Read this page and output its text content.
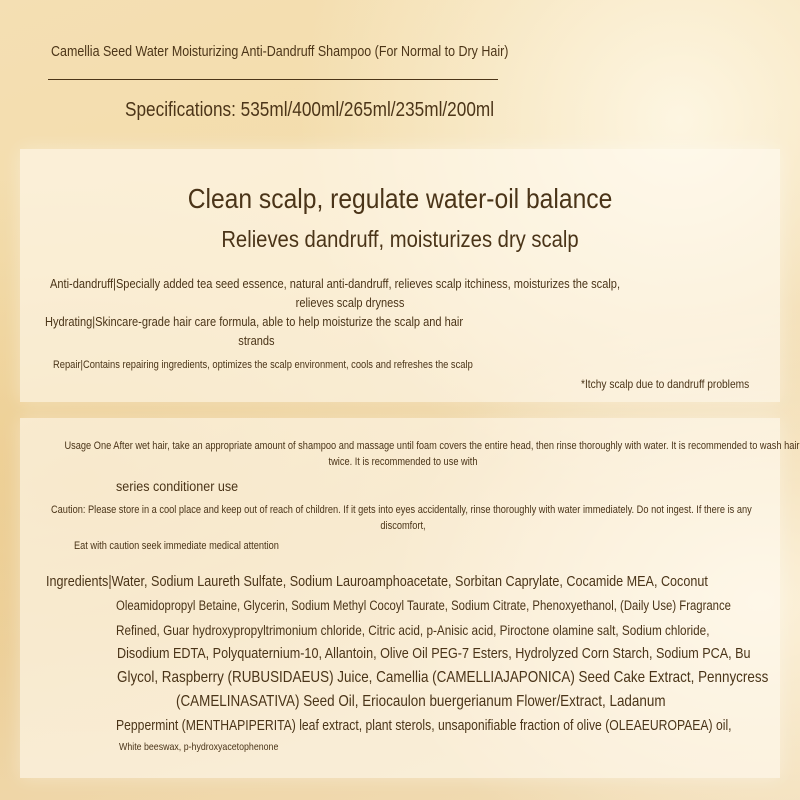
Camellia Seed Water Moisturizing Anti-Dandruff Shampoo (For Normal to Dry Hair)
Specifications: 535ml/400ml/265ml/235ml/200ml
Clean scalp, regulate water-oil balance
Relieves dandruff, moisturizes dry scalp
Anti-dandruff|Specially added tea seed essence, natural anti-dandruff, relieves scalp itchiness, moisturizes the scalp,
relieves scalp dryness
Hydrating|Skincare-grade hair care formula, able to help moisturize the scalp and hair
strands
Repair|Contains repairing ingredients, optimizes the scalp environment, cools and refreshes the scalp
*Itchy scalp due to dandruff problems
Usage One After wet hair, take an appropriate amount of shampoo and massage until foam covers the entire head, then rinse thoroughly with water. It is recommended to wash hair
twice. It is recommended to use with
series conditioner use
Caution: Please store in a cool place and keep out of reach of children. If it gets into eyes accidentally, rinse thoroughly with water immediately. Do not ingest. If there is any
discomfort,
Eat with caution seek immediate medical attention
Ingredients|Water, Sodium Laureth Sulfate, Sodium Lauroamphoacetate, Sorbitan Caprylate, Cocamide MEA, Coconut
Oleamidopropyl Betaine, Glycerin, Sodium Methyl Cocoyl Taurate, Sodium Citrate, Phenoxyethanol, (Daily Use) Fragrance
Refined, Guar hydroxypropyltrimonium chloride, Citric acid, p-Anisic acid, Piroctone olamine salt, Sodium chloride,
Disodium EDTA, Polyquaternium-10, Allantoin, Olive Oil PEG-7 Esters, Hydrolyzed Corn Starch, Sodium PCA, Bu
Glycol, Raspberry (RUBUSIDAEUS) Juice, Camellia (CAMELLIAJAPONICA) Seed Cake Extract, Pennycress
(CAMELINASATIVA) Seed Oil, Eriocaulon buergerianum Flower/Extract, Ladanum
Peppermint (MENTHAPIPERITA) leaf extract, plant sterols, unsaponifiable fraction of olive (OLEAEUROPAEA) oil,
White beeswax, p-hydroxyacetophenone
